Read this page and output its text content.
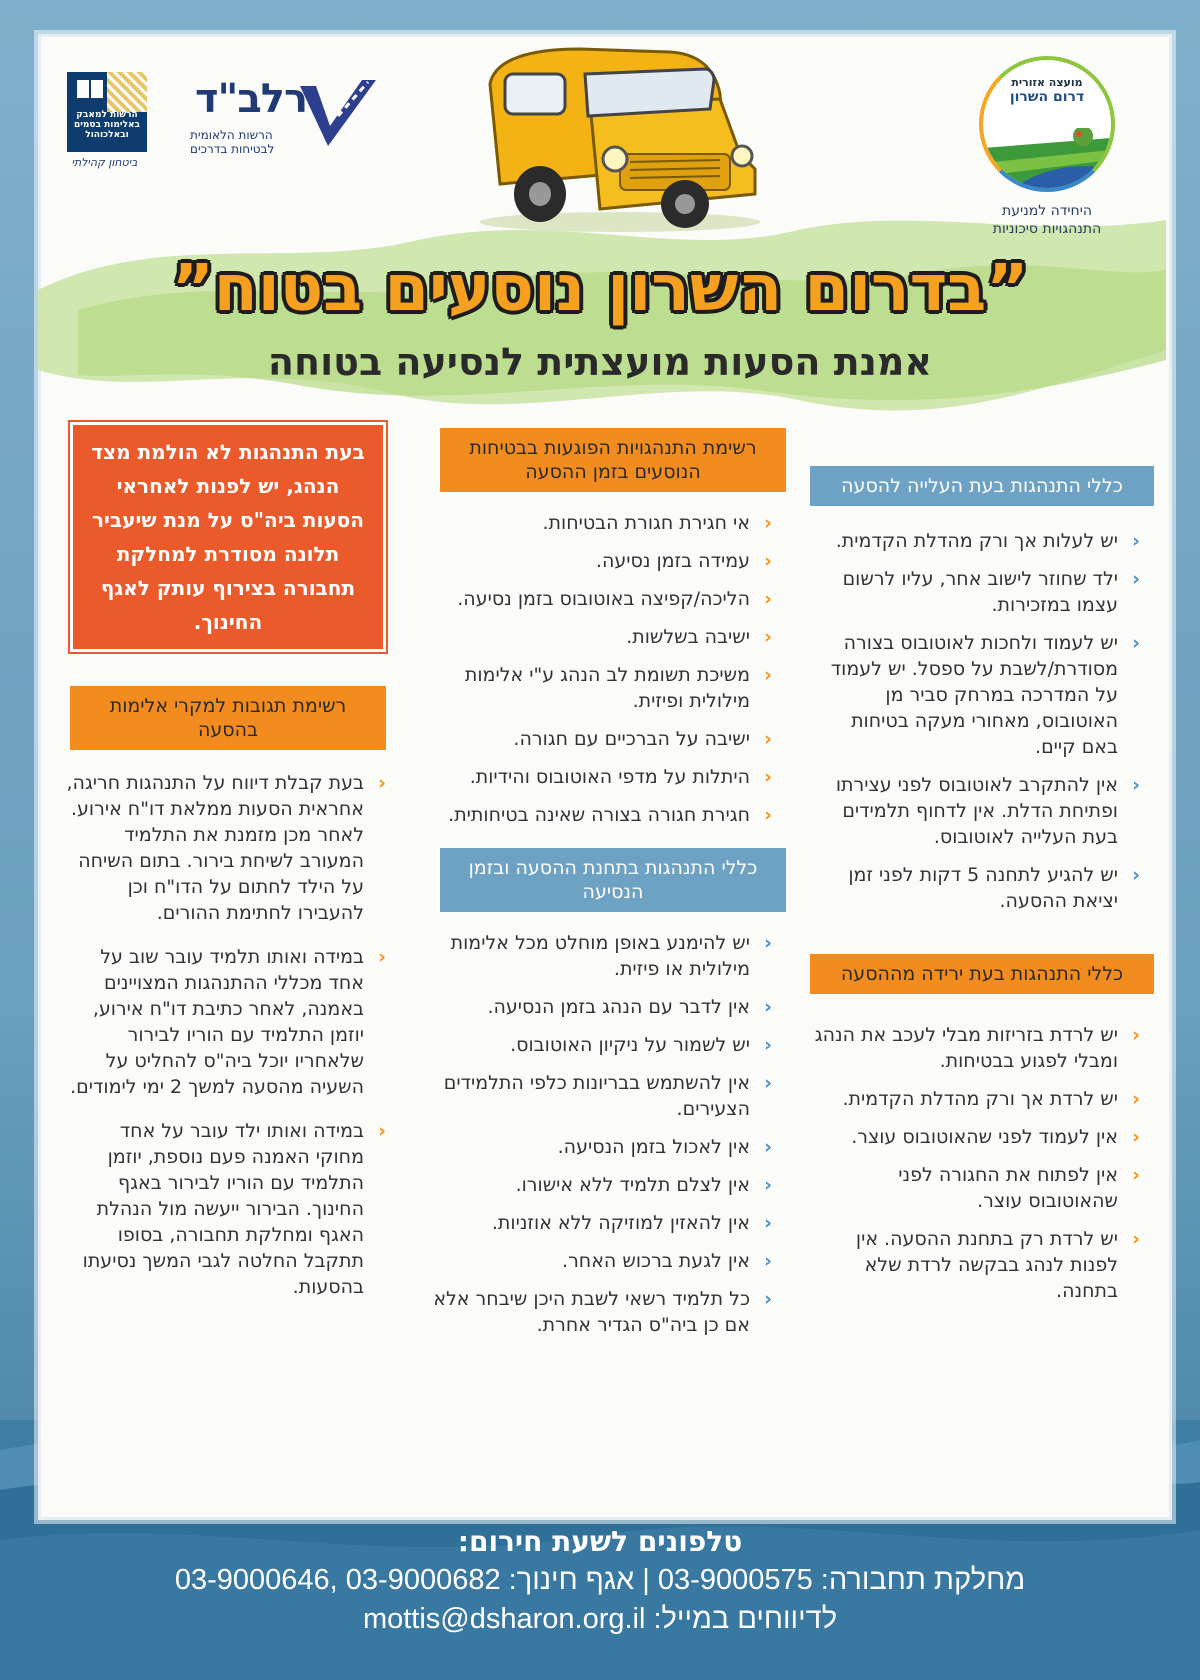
הרשות למאבק באלימות בסמים ובאלכוהול
ביטחון קהילתי
רלב"ד
הרשות הלאומית לבטיחות בדרכים
מועצה אזורית
דרום השרון
היחידה למניעת התנהגויות סיכוניות
”בדרום השרון נוסעים בטוח”
אמנת הסעות מועצתית לנסיעה בטוחה
כללי התנהגות בעת העלייה להסעה
‹
יש לעלות אך ורק מהדלת הקדמית.
‹
ילד שחוזר לישוב אחר, עליו לרשום עצמו במזכירות.
‹
יש לעמוד ולחכות לאוטובוס בצורה מסודרת/לשבת על ספסל. יש לעמוד על המדרכה במרחק סביר מן האוטובוס, מאחורי מעקה בטיחות באם קיים.
‹
אין להתקרב לאוטובוס לפני עצירתו ופתיחת הדלת. אין לדחוף תלמידים בעת העלייה לאוטובוס.
‹
יש להגיע לתחנה 5 דקות לפני זמן יציאת ההסעה.
כללי התנהגות בעת ירידה מההסעה
‹
יש לרדת בזריזות מבלי לעכב את הנהג ומבלי לפגוע בבטיחות.
‹
יש לרדת אך ורק מהדלת הקדמית.
‹
אין לעמוד לפני שהאוטובוס עוצר.
‹
אין לפתוח את החגורה לפני שהאוטובוס עוצר.
‹
יש לרדת רק בתחנת ההסעה. אין לפנות לנהג בבקשה לרדת שלא בתחנה.
רשימת התנהגויות הפוגעות בבטיחות הנוסעים בזמן ההסעה
‹
אי חגירת חגורת הבטיחות.
‹
עמידה בזמן נסיעה.
‹
הליכה/קפיצה באוטובוס בזמן נסיעה.
‹
ישיבה בשלשות.
‹
משיכת תשומת לב הנהג ע"י אלימות מילולית ופיזית.
‹
ישיבה על הברכיים עם חגורה.
‹
היתלות על מדפי האוטובוס והידיות.
‹
חגירת חגורה בצורה שאינה בטיחותית.
כללי התנהגות בתחנת ההסעה ובזמן הנסיעה
‹
יש להימנע באופן מוחלט מכל אלימות מילולית או פיזית.
‹
אין לדבר עם הנהג בזמן הנסיעה.
‹
יש לשמור על ניקיון האוטובוס.
‹
אין להשתמש בבריונות כלפי התלמידים הצעירים.
‹
אין לאכול בזמן הנסיעה.
‹
אין לצלם תלמיד ללא אישורו.
‹
אין להאזין למוזיקה ללא אוזניות.
‹
אין לגעת ברכוש האחר.
‹
כל תלמיד רשאי לשבת היכן שיבחר אלא אם כן ביה"ס הגדיר אחרת.
בעת התנהגות לא הולמת מצד הנהג, יש לפנות לאחראי הסעות ביה"ס על מנת שיעביר תלונה מסודרת למחלקת תחבורה בצירוף עותק לאגף החינוך.
רשימת תגובות למקרי אלימות בהסעה
‹
בעת קבלת דיווח על התנהגות חריגה, אחראית הסעות ממלאת דו"ח אירוע. לאחר מכן מזמנת את התלמיד המעורב לשיחת בירור. בתום השיחה על הילד לחתום על הדו"ח וכן להעבירו לחתימת ההורים.
‹
במידה ואותו תלמיד עובר שוב על אחד מכללי ההתנהגות המצויינים באמנה, לאחר כתיבת דו"ח אירוע, יוזמן התלמיד עם הוריו לבירור שלאחריו יוכל ביה"ס להחליט על השעיה מהסעה למשך 2 ימי לימודים.
‹
במידה ואותו ילד עובר על אחד מחוקי האמנה פעם נוספת, יוזמן התלמיד עם הוריו לבירור באגף החינוך. הבירור ייעשה מול הנהלת האגף ומחלקת תחבורה, בסופו תתקבל החלטה לגבי המשך נסיעתו בהסעות.
טלפונים לשעת חירום:
מחלקת תחבורה: 03-9000575 | אגף חינוך: 03-9000682 ,03-9000646
לדיווחים במייל: mottis@dsharon.org.il
